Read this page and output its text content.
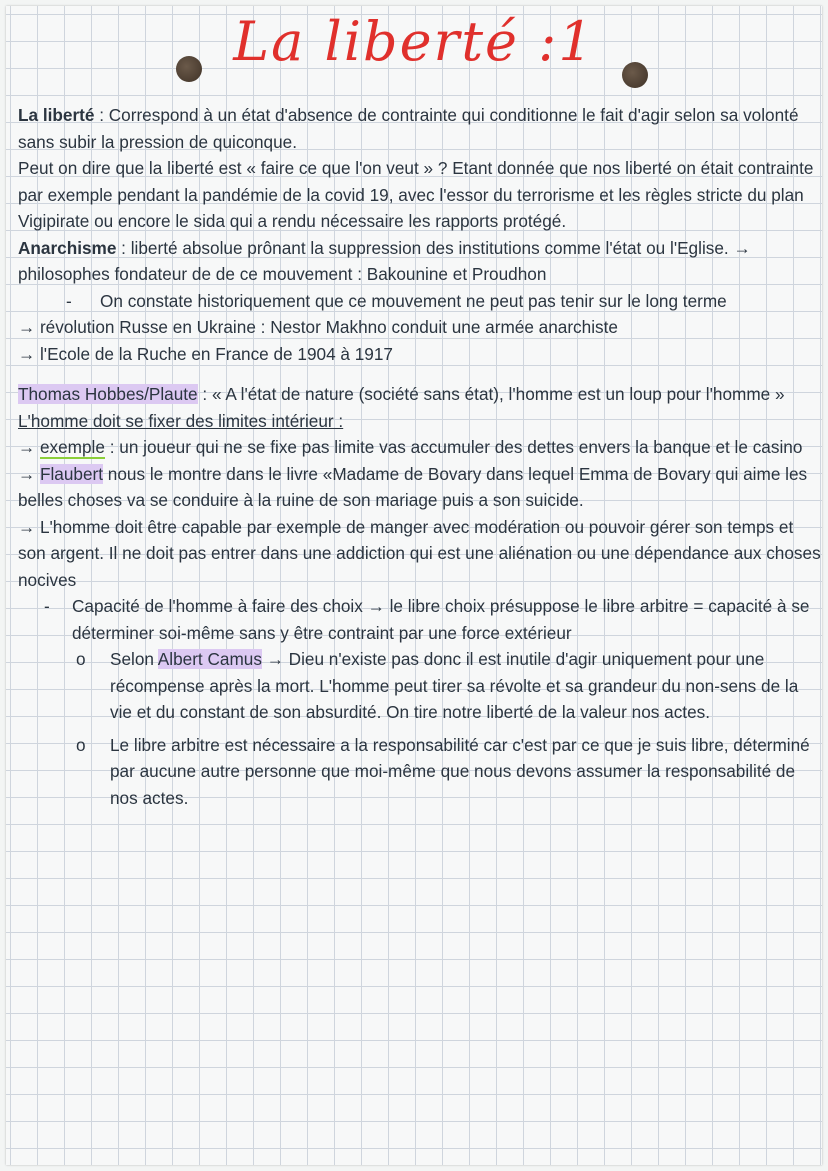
La liberté :1

La liberté : Correspond à un état d'absence de contrainte qui conditionne le fait d'agir selon sa volonté sans subir la pression de quiconque.

Peut on dire que la liberté est « faire ce que l'on veut » ? Etant donnée que nos liberté on était contrainte par exemple pendant la pandémie de la covid 19, avec l'essor du terrorisme et les règles stricte du plan Vigipirate ou encore le sida qui a rendu nécessaire les rapports protégé.

Anarchisme : liberté absolue prônant la suppression des institutions comme l'état ou l'Eglise. → philosophes fondateur de de ce mouvement : Bakounine et Proudhon

-	On constate historiquement que ce mouvement ne peut pas tenir sur le long terme

→ révolution Russe en Ukraine : Nestor Makhno conduit une armée anarchiste

→ l'Ecole de la Ruche en France de 1904 à 1917

Thomas Hobbes/Plaute : « A l'état de nature (société sans état), l'homme est un loup pour l'homme »

L'homme doit se fixer des limites intérieur :

→ exemple : un joueur qui ne se fixe pas limite vas accumuler des dettes envers la banque et le casino

→ Flaubert nous le montre dans le livre «Madame de Bovary dans lequel Emma de Bovary qui aime les belles choses va se conduire à la ruine de son mariage puis a son suicide.

→ L'homme doit être capable par exemple de manger avec modération ou pouvoir gérer son temps et son argent. Il ne doit pas entrer dans une addiction qui est une aliénation ou une dépendance aux choses nocives

-	Capacité de l'homme à faire des choix → le libre choix présuppose le libre arbitre = capacité à se déterminer soi-même sans y être contraint par une force extérieur
o	Selon Albert Camus → Dieu n'existe pas donc il est inutile d'agir uniquement pour une récompense après la mort. L'homme peut tirer sa révolte et sa grandeur du non-sens de la vie et du constant de son absurdité. On tire notre liberté de la valeur nos actes.
o	Le libre arbitre est nécessaire a la responsabilité car c'est par ce que je suis libre, déterminé par aucune autre personne que moi-même que nous devons assumer la responsabilité de nos actes.
